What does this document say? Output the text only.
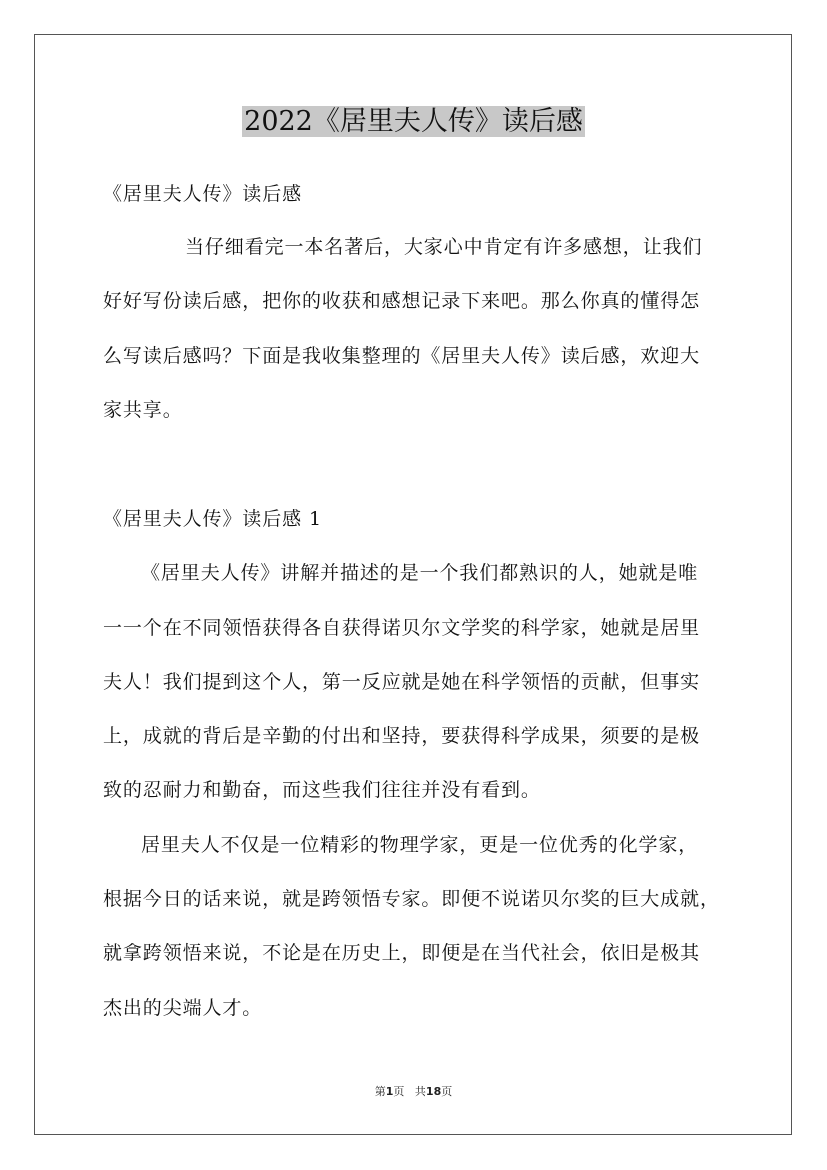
2022《居里夫人传》读后感
《居里夫人传》读后感
当仔细看完一本名著后，大家心中肯定有许多感想，让我们
好好写份读后感，把你的收获和感想记录下来吧。那么你真的懂得怎
么写读后感吗？下面是我收集整理的《居里夫人传》读后感，欢迎大
家共享。
《居里夫人传》读后感 1
《居里夫人传》讲解并描述的是一个我们都熟识的人，她就是唯
一一个在不同领悟获得各自获得诺贝尔文学奖的科学家，她就是居里
夫人！我们提到这个人，第一反应就是她在科学领悟的贡献，但事实
上，成就的背后是辛勤的付出和坚持，要获得科学成果，须要的是极
致的忍耐力和勤奋，而这些我们往往并没有看到。
居里夫人不仅是一位精彩的物理学家，更是一位优秀的化学家，
根据今日的话来说，就是跨领悟专家。即便不说诺贝尔奖的巨大成就，
就拿跨领悟来说，不论是在历史上，即便是在当代社会，依旧是极其
杰出的尖端人才。
第1页 共18页
